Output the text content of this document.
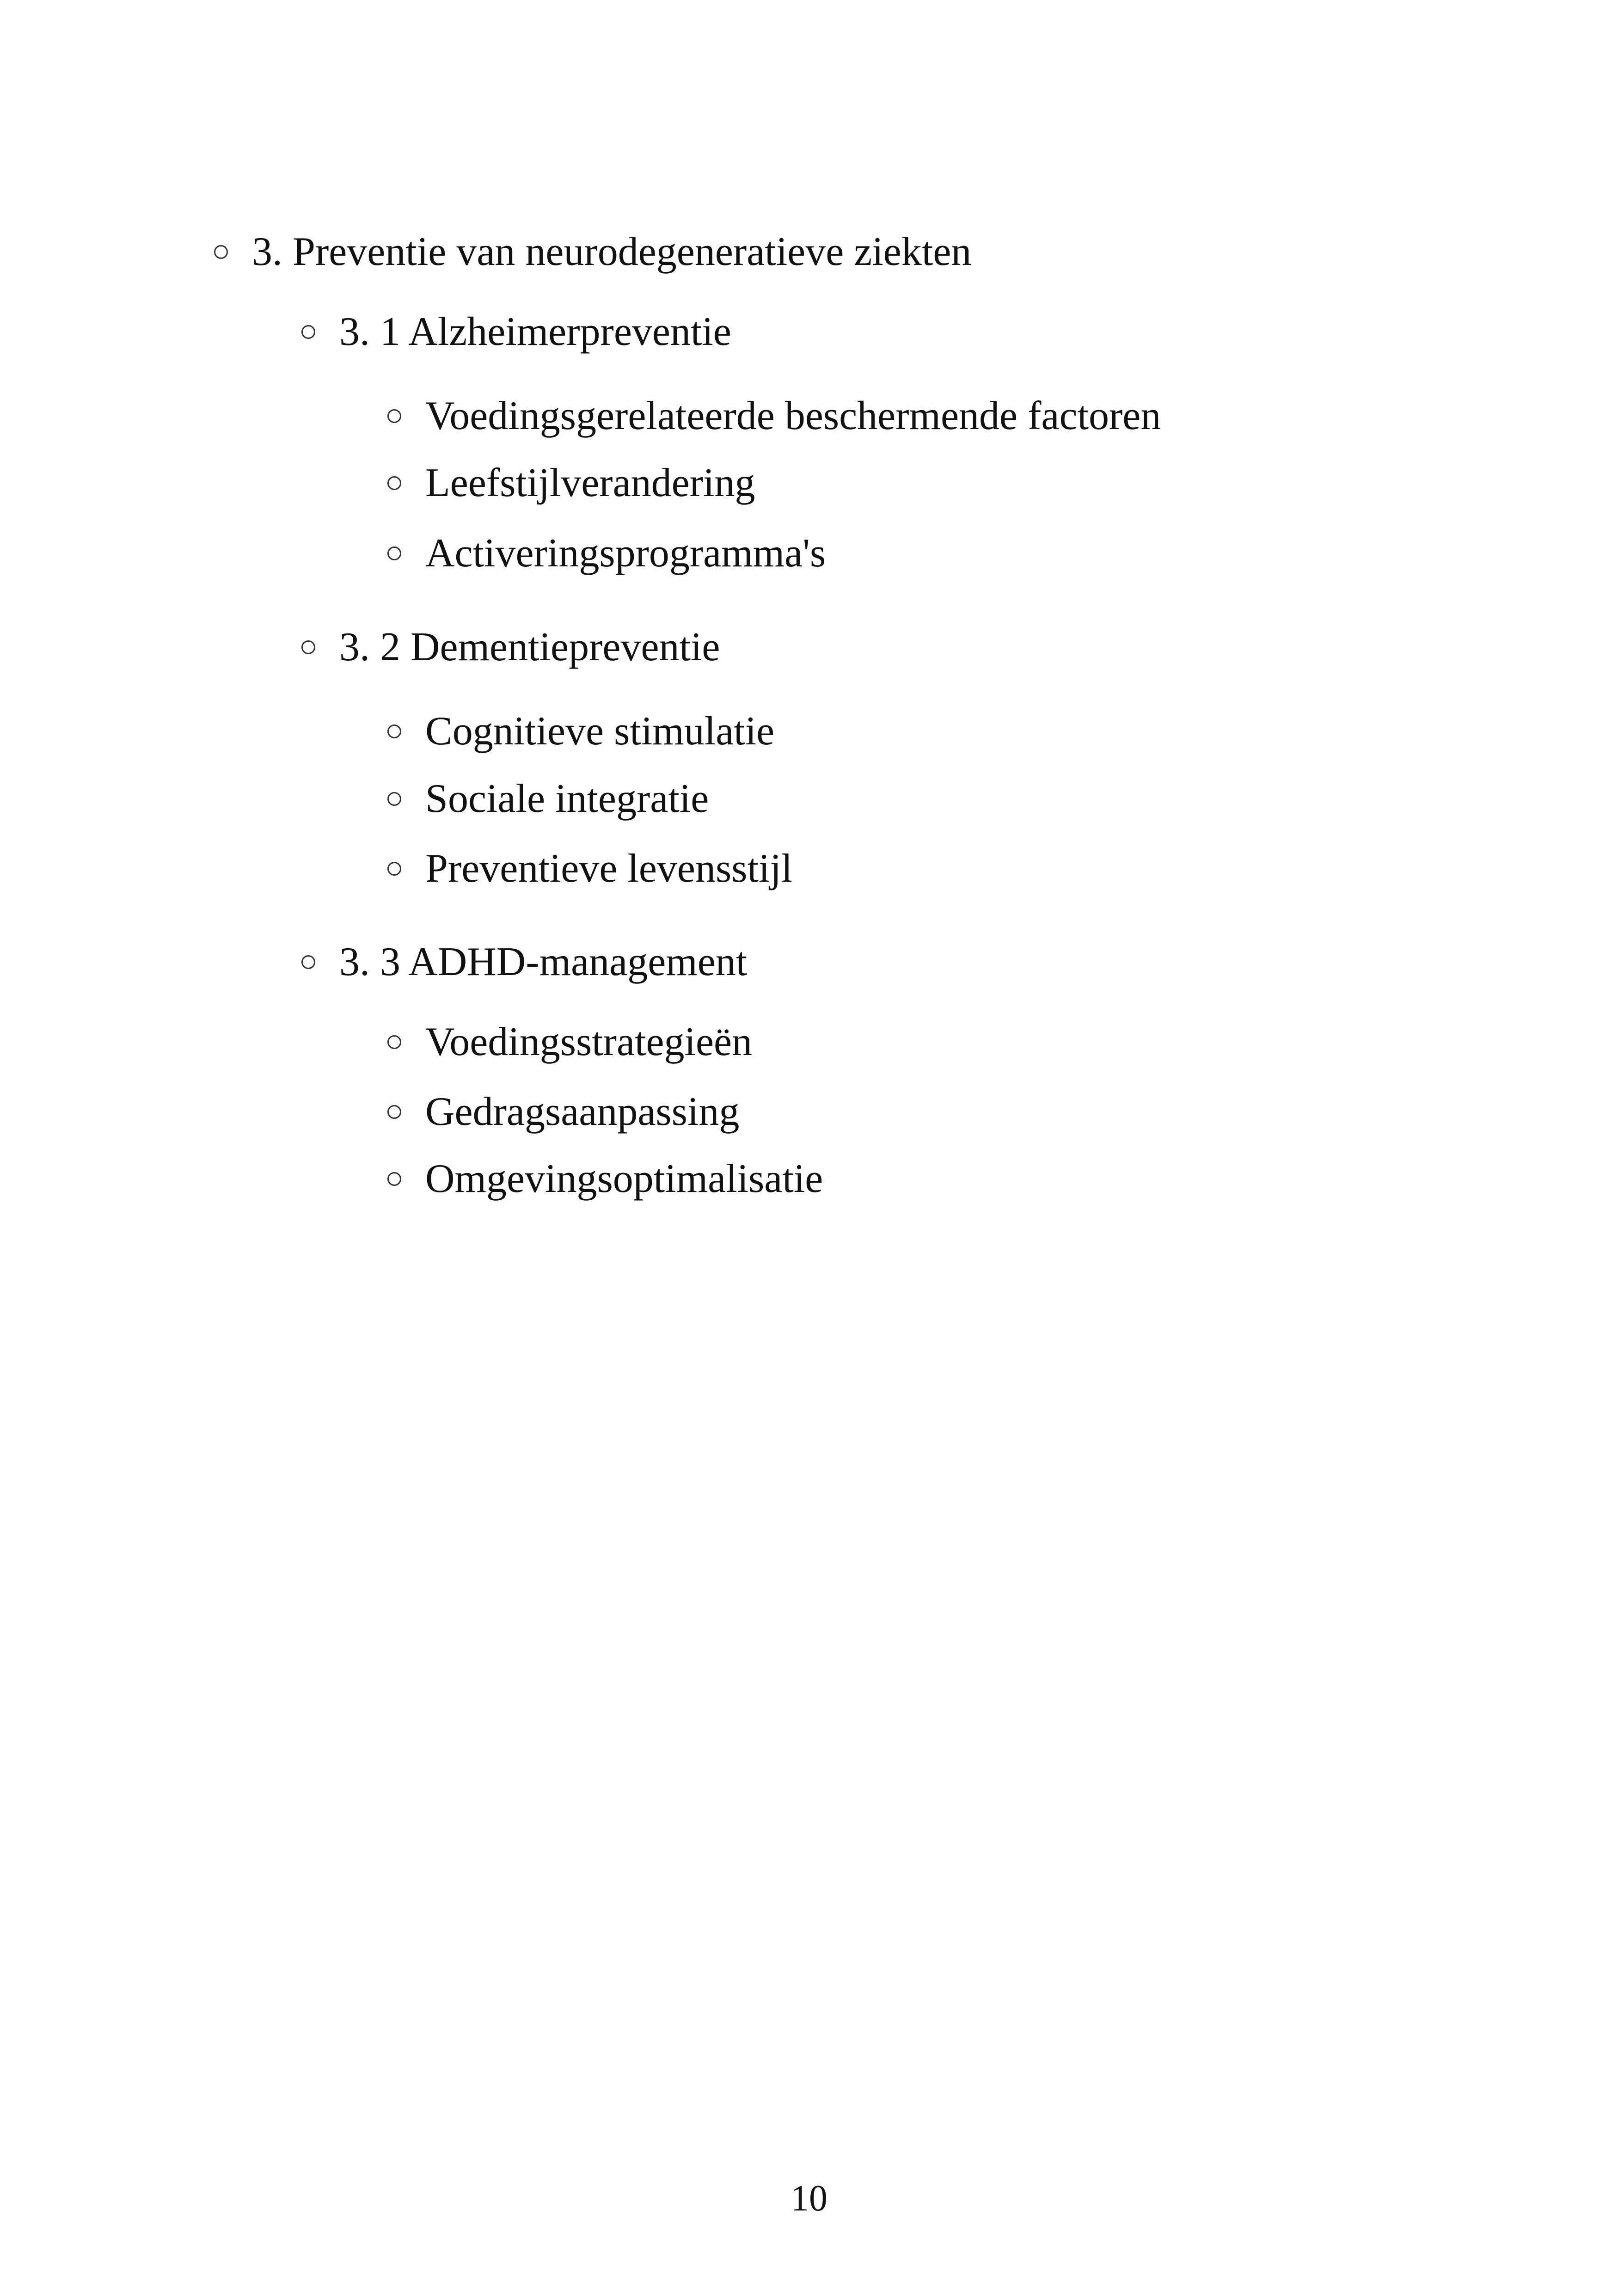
3. Preventie van neurodegeneratieve ziekten
3. 1 Alzheimerpreventie
Voedingsgerelateerde beschermende factoren
Leefstijlverandering
Activeringsprogramma's
3. 2 Dementiepreventie
Cognitieve stimulatie
Sociale integratie
Preventieve levensstijl
3. 3 ADHD-management
Voedingsstrategieën
Gedragsaanpassing
Omgevingsoptimalisatie
10
